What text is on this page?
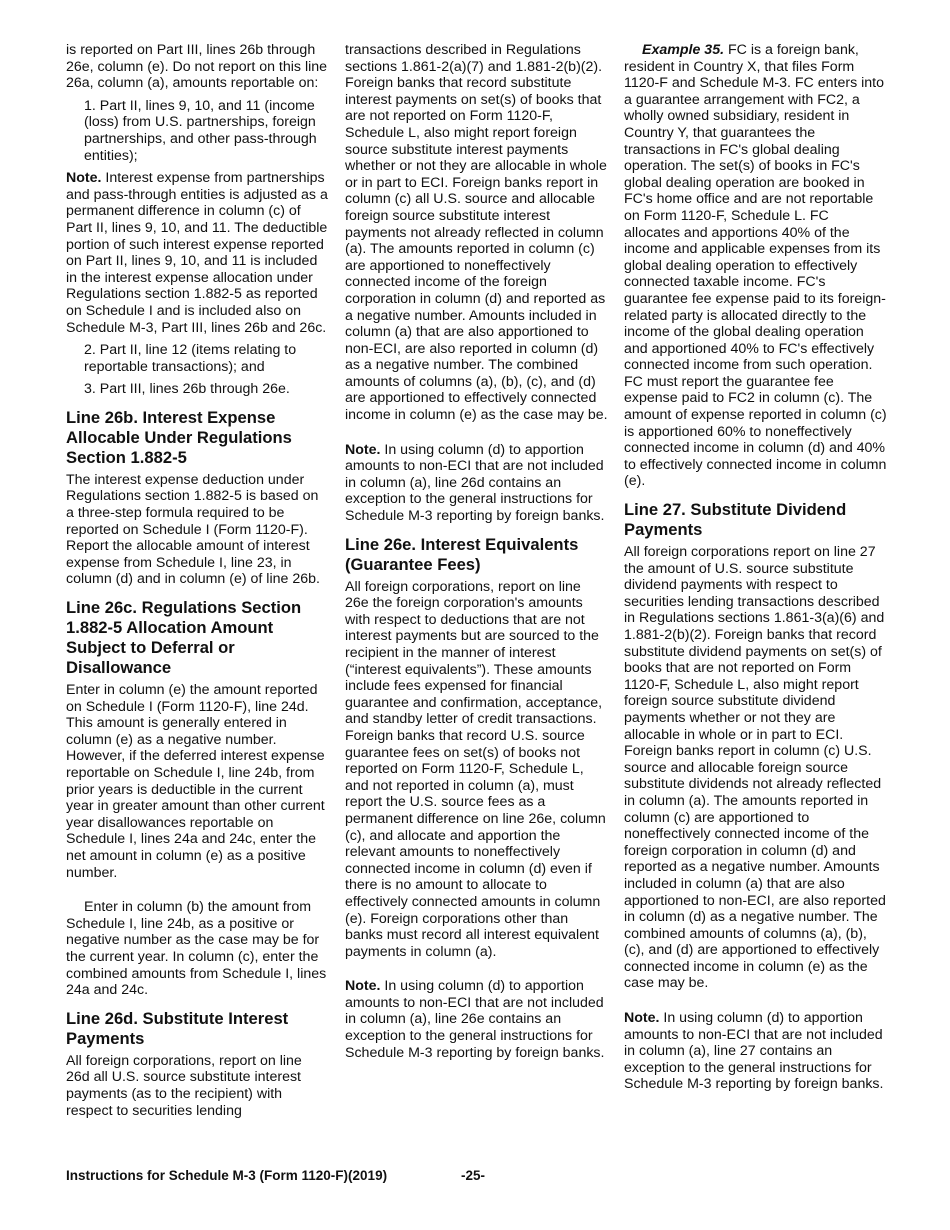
is reported on Part III, lines 26b through 26e, column (e). Do not report on this line 26a, column (a), amounts reportable on:

1. Part II, lines 9, 10, and 11 (income (loss) from U.S. partnerships, foreign partnerships, and other pass-through entities);

Note. Interest expense from partnerships and pass-through entities is adjusted as a permanent difference in column (c) of Part II, lines 9, 10, and 11. The deductible portion of such interest expense reported on Part II, lines 9, 10, and 11 is included in the interest expense allocation under Regulations section 1.882-5 as reported on Schedule I and is included also on Schedule M-3, Part III, lines 26b and 26c.

2. Part II, line 12 (items relating to reportable transactions); and

3. Part III, lines 26b through 26e.

Line 26b. Interest Expense Allocable Under Regulations Section 1.882-5

The interest expense deduction under Regulations section 1.882-5 is based on a three-step formula required to be reported on Schedule I (Form 1120-F). Report the allocable amount of interest expense from Schedule I, line 23, in column (d) and in column (e) of line 26b.

Line 26c. Regulations Section 1.882-5 Allocation Amount Subject to Deferral or Disallowance

Enter in column (e) the amount reported on Schedule I (Form 1120-F), line 24d. This amount is generally entered in column (e) as a negative number. However, if the deferred interest expense reportable on Schedule I, line 24b, from prior years is deductible in the current year in greater amount than other current year disallowances reportable on Schedule I, lines 24a and 24c, enter the net amount in column (e) as a positive number.

Enter in column (b) the amount from Schedule I, line 24b, as a positive or negative number as the case may be for the current year. In column (c), enter the combined amounts from Schedule I, lines 24a and 24c.

Line 26d. Substitute Interest Payments

All foreign corporations, report on line 26d all U.S. source substitute interest payments (as to the recipient) with respect to securities lending

transactions described in Regulations sections 1.861-2(a)(7) and 1.881-2(b)(2). Foreign banks that record substitute interest payments on set(s) of books that are not reported on Form 1120-F, Schedule L, also might report foreign source substitute interest payments whether or not they are allocable in whole or in part to ECI. Foreign banks report in column (c) all U.S. source and allocable foreign source substitute interest payments not already reflected in column (a). The amounts reported in column (c) are apportioned to noneffectively connected income of the foreign corporation in column (d) and reported as a negative number. Amounts included in column (a) that are also apportioned to non-ECI, are also reported in column (d) as a negative number. The combined amounts of columns (a), (b), (c), and (d) are apportioned to effectively connected income in column (e) as the case may be.

Note. In using column (d) to apportion amounts to non-ECI that are not included in column (a), line 26d contains an exception to the general instructions for Schedule M-3 reporting by foreign banks.

Line 26e. Interest Equivalents (Guarantee Fees)

All foreign corporations, report on line 26e the foreign corporation's amounts with respect to deductions that are not interest payments but are sourced to the recipient in the manner of interest (“interest equivalents”). These amounts include fees expensed for financial guarantee and confirmation, acceptance, and standby letter of credit transactions. Foreign banks that record U.S. source guarantee fees on set(s) of books not reported on Form 1120-F, Schedule L, and not reported in column (a), must report the U.S. source fees as a permanent difference on line 26e, column (c), and allocate and apportion the relevant amounts to noneffectively connected income in column (d) even if there is no amount to allocate to effectively connected amounts in column (e). Foreign corporations other than banks must record all interest equivalent payments in column (a).

Note. In using column (d) to apportion amounts to non-ECI that are not included in column (a), line 26e contains an exception to the general instructions for Schedule M-3 reporting by foreign banks.

Example 35. FC is a foreign bank, resident in Country X, that files Form 1120-F and Schedule M-3. FC enters into a guarantee arrangement with FC2, a wholly owned subsidiary, resident in Country Y, that guarantees the transactions in FC's global dealing operation. The set(s) of books in FC's global dealing operation are booked in FC's home office and are not reportable on Form 1120-F, Schedule L. FC allocates and apportions 40% of the income and applicable expenses from its global dealing operation to effectively connected taxable income. FC's guarantee fee expense paid to its foreign-related party is allocated directly to the income of the global dealing operation and apportioned 40% to FC's effectively connected income from such operation. FC must report the guarantee fee expense paid to FC2 in column (c). The amount of expense reported in column (c) is apportioned 60% to noneffectively connected income in column (d) and 40% to effectively connected income in column (e).

Line 27. Substitute Dividend Payments

All foreign corporations report on line 27 the amount of U.S. source substitute dividend payments with respect to securities lending transactions described in Regulations sections 1.861-3(a)(6) and 1.881-2(b)(2). Foreign banks that record substitute dividend payments on set(s) of books that are not reported on Form 1120-F, Schedule L, also might report foreign source substitute dividend payments whether or not they are allocable in whole or in part to ECI. Foreign banks report in column (c) U.S. source and allocable foreign source substitute dividends not already reflected in column (a). The amounts reported in column (c) are apportioned to noneffectively connected income of the foreign corporation in column (d) and reported as a negative number. Amounts included in column (a) that are also apportioned to non-ECI, are also reported in column (d) as a negative number. The combined amounts of columns (a), (b), (c), and (d) are apportioned to effectively connected income in column (e) as the case may be.

Note. In using column (d) to apportion amounts to non-ECI that are not included in column (a), line 27 contains an exception to the general instructions for Schedule M-3 reporting by foreign banks.

Instructions for Schedule M-3 (Form 1120-F)(2019)	-25-
